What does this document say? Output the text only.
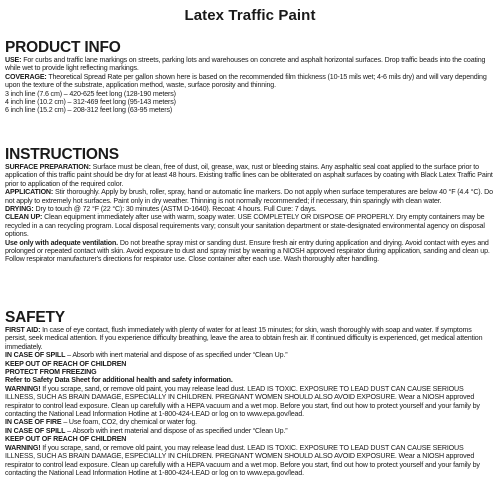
Latex Traffic Paint
PRODUCT INFO

USE: For curbs and traffic lane markings on streets, parking lots and warehouses on concrete and asphalt horizontal surfaces. Drop traffic beads into the coating while wet to provide light reflecting markings.

COVERAGE: Theoretical Spread Rate per gallon shown here is based on the recommended film thickness (10-15 mils wet; 4-6 mils dry) and will vary depending upon the texture of the substrate, application method, waste, surface porosity and thinning.

3 inch line (7.6 cm) – 420-625 feet long (128-190 meters)

4 inch line (10.2 cm) – 312-469 feet long (95-143 meters)

6 inch line (15.2 cm) – 208-312 feet long (63-95 meters)

INSTRUCTIONS

SURFACE PREPARATION: Surface must be clean, free of dust, oil, grease, wax, rust or bleeding stains. Any asphaltic seal coat applied to the surface prior to application of this traffic paint should be dry for at least 48 hours. Existing traffic lines can be obliterated on asphalt surfaces by coating with Black Latex Traffic Paint prior to application of the required color.

APPLICATION: Stir thoroughly. Apply by brush, roller, spray, hand or automatic line markers. Do not apply when surface temperatures are below 40 °F (4.4 °C). Do not apply to extremely hot surfaces. Paint only in dry weather. Thinning is not normally recommended; if necessary, thin sparingly with clean water.

DRYING: Dry to touch @ 72 °F (22 °C): 30 minutes (ASTM D-1640). Recoat: 4 hours. Full Cure: 7 days.

CLEAN UP: Clean equipment immediately after use with warm, soapy water. USE COMPLETELY OR DISPOSE OF PROPERLY. Dry empty containers may be recycled in a can recycling program. Local disposal requirements vary; consult your sanitation department or state-designated environmental agency on disposal options.

Use only with adequate ventilation. Do not breathe spray mist or sanding dust. Ensure fresh air entry during application and drying. Avoid contact with eyes and prolonged or repeated contact with skin. Avoid exposure to dust and spray mist by wearing a NIOSH approved respirator during application, sanding and clean up. Follow respirator manufacturer's directions for respirator use. Close container after each use. Wash thoroughly after handling.

SAFETY

FIRST AID: In case of eye contact, flush immediately with plenty of water for at least 15 minutes; for skin, wash thoroughly with soap and water. If symptoms persist, seek medical attention. If you experience difficulty breathing, leave the area to obtain fresh air. If continued difficulty is experienced, get medical attention immediately.

IN CASE OF SPILL – Absorb with inert material and dispose of as specified under “Clean Up.”

KEEP OUT OF REACH OF CHILDREN
PROTECT FROM FREEZING
Refer to Safety Data Sheet for additional health and safety information.

WARNING! If you scrape, sand, or remove old paint, you may release lead dust. LEAD IS TOXIC. EXPOSURE TO LEAD DUST CAN CAUSE SERIOUS ILLNESS, SUCH AS BRAIN DAMAGE, ESPECIALLY IN CHILDREN. PREGNANT WOMEN SHOULD ALSO AVOID EXPOSURE. Wear a NIOSH approved respirator to control lead exposure. Clean up carefully with a HEPA vacuum and a wet mop. Before you start, find out how to protect yourself and your family by contacting the National Lead Information Hotline at 1-800-424-LEAD or log on to www.epa.gov/lead.

IN CASE OF FIRE – Use foam, CO2, dry chemical or water fog.

IN CASE OF SPILL – Absorb with inert material and dispose of as specified under “Clean Up.”

KEEP OUT OF REACH OF CHILDREN

WARNING! If you scrape, sand, or remove old paint, you may release lead dust. LEAD IS TOXIC. EXPOSURE TO LEAD DUST CAN CAUSE SERIOUS ILLNESS, SUCH AS BRAIN DAMAGE, ESPECIALLY IN CHILDREN. PREGNANT WOMEN SHOULD ALSO AVOID EXPOSURE. Wear a NIOSH approved respirator to control lead exposure. Clean up carefully with a HEPA vacuum and a wet mop. Before you start, find out how to protect yourself and your family by contacting the National Lead Information Hotline at 1-800-424-LEAD or log on to www.epa.gov/lead.
